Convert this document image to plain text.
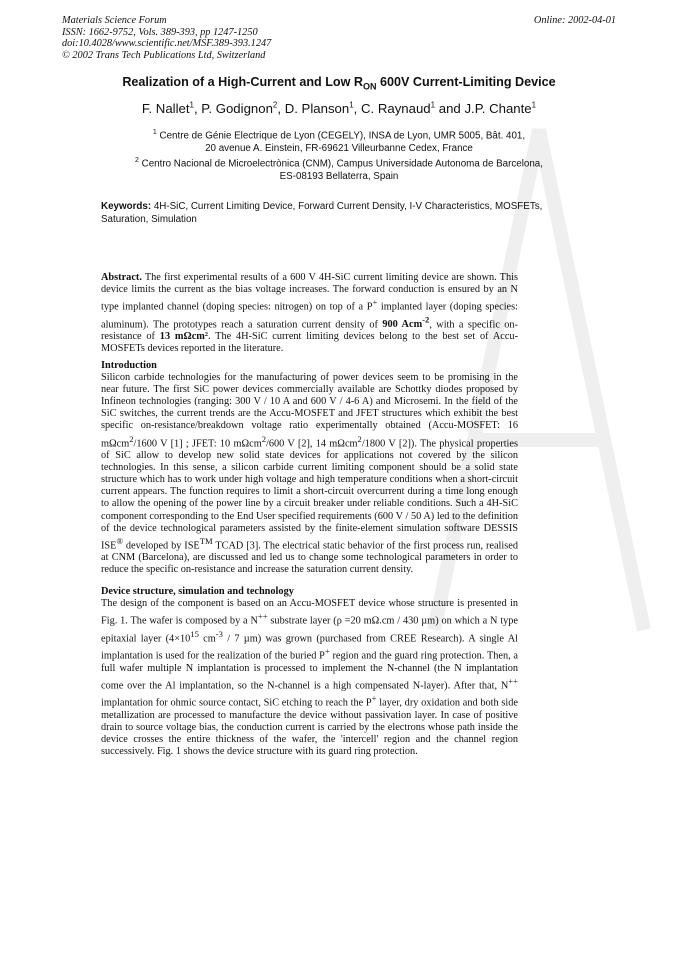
Materials Science Forum
ISSN: 1662-9752, Vols. 389-393, pp 1247-1250
doi:10.4028/www.scientific.net/MSF.389-393.1247
© 2002 Trans Tech Publications Ltd, Switzerland
Online: 2002-04-01
Realization of a High-Current and Low $R_{ON}$ 600V Current-Limiting Device
F. Nallet$^1$, P. Godignon$^2$, D. Planson$^1$, C. Raynaud$^1$ and J.P. Chante$^1$
$^1$ Centre de Génie Electrique de Lyon (CEGELY), INSA de Lyon, UMR 5005, Bât. 401,
20 avenue A. Einstein, FR-69621 Villeurbanne Cedex, France
$^2$ Centro Nacional de Microelectrònica (CNM), Campus Universidade Autonoma de Barcelona,
ES-08193 Bellaterra, Spain
Keywords: 4H-SiC, Current Limiting Device, Forward Current Density, I-V Characteristics, MOSFETs, Saturation, Simulation

Abstract. The first experimental results of a 600 V 4H-SiC current limiting device are shown. This device limits the current as the bias voltage increases. The forward conduction is ensured by an N type implanted channel (doping species: nitrogen) on top of a P+ implanted layer (doping species: aluminum). The prototypes reach a saturation current density of 900 Acm$^{-2}$, with a specific on-resistance of 13 mΩcm². The 4H-SiC current limiting devices belong to the best set of Accu-MOSFETs devices reported in the literature.

Introduction

Silicon carbide technologies for the manufacturing of power devices seem to be promising in the near future. The first SiC power devices commercially available are Schottky diodes proposed by Infineon technologies (ranging: 300 V / 10 A and 600 V / 4-6 A) and Microsemi. In the field of the SiC switches, the current trends are the Accu-MOSFET and JFET structures which exhibit the best specific on-resistance/breakdown voltage ratio experimentally obtained (Accu-MOSFET: 16 mΩcm$^2$/1600 V [1] ; JFET: 10 mΩcm$^2$/600 V [2], 14 mΩcm$^2$/1800 V [2]). The physical properties of SiC allow to develop new solid state devices for applications not covered by the silicon technologies. In this sense, a silicon carbide current limiting component should be a solid state structure which has to work under high voltage and high temperature conditions when a short-circuit current appears. The function requires to limit a short-circuit overcurrent during a time long enough to allow the opening of the power line by a circuit breaker under reliable conditions. Such a 4H-SiC component corresponding to the End User specified requirements (600 V / 50 A) led to the definition of the device technological parameters assisted by the finite-element simulation software DESSIS ISE® developed by ISE™ TCAD [3]. The electrical static behavior of the first process run, realised at CNM (Barcelona), are discussed and led us to change some technological parameters in order to reduce the specific on-resistance and increase the saturation current density.

Device structure, simulation and technology

The design of the component is based on an Accu-MOSFET device whose structure is presented in Fig. 1. The wafer is composed by a N++ substrate layer (ρ =20 mΩ.cm / 430 µm) on which a N type epitaxial layer ($4\times 10^{15}$ $cm^{-3} / 7$ µm) was grown (purchased from CREE Research). A single Al implantation is used for the realization of the buried P+ region and the guard ring protection. Then, a full wafer multiple N implantation is processed to implement the N-channel (the N implantation come over the Al implantation, so the N-channel is a high compensated N-layer). After that, N++ implantation for ohmic source contact, SiC etching to reach the P+ layer, dry oxidation and both side metallization are processed to manufacture the device without passivation layer. In case of positive drain to source voltage bias, the conduction current is carried by the electrons whose path inside the device crosses the entire thickness of the wafer, the 'intercell' region and the channel region successively. Fig. 1 shows the device structure with its guard ring protection.
